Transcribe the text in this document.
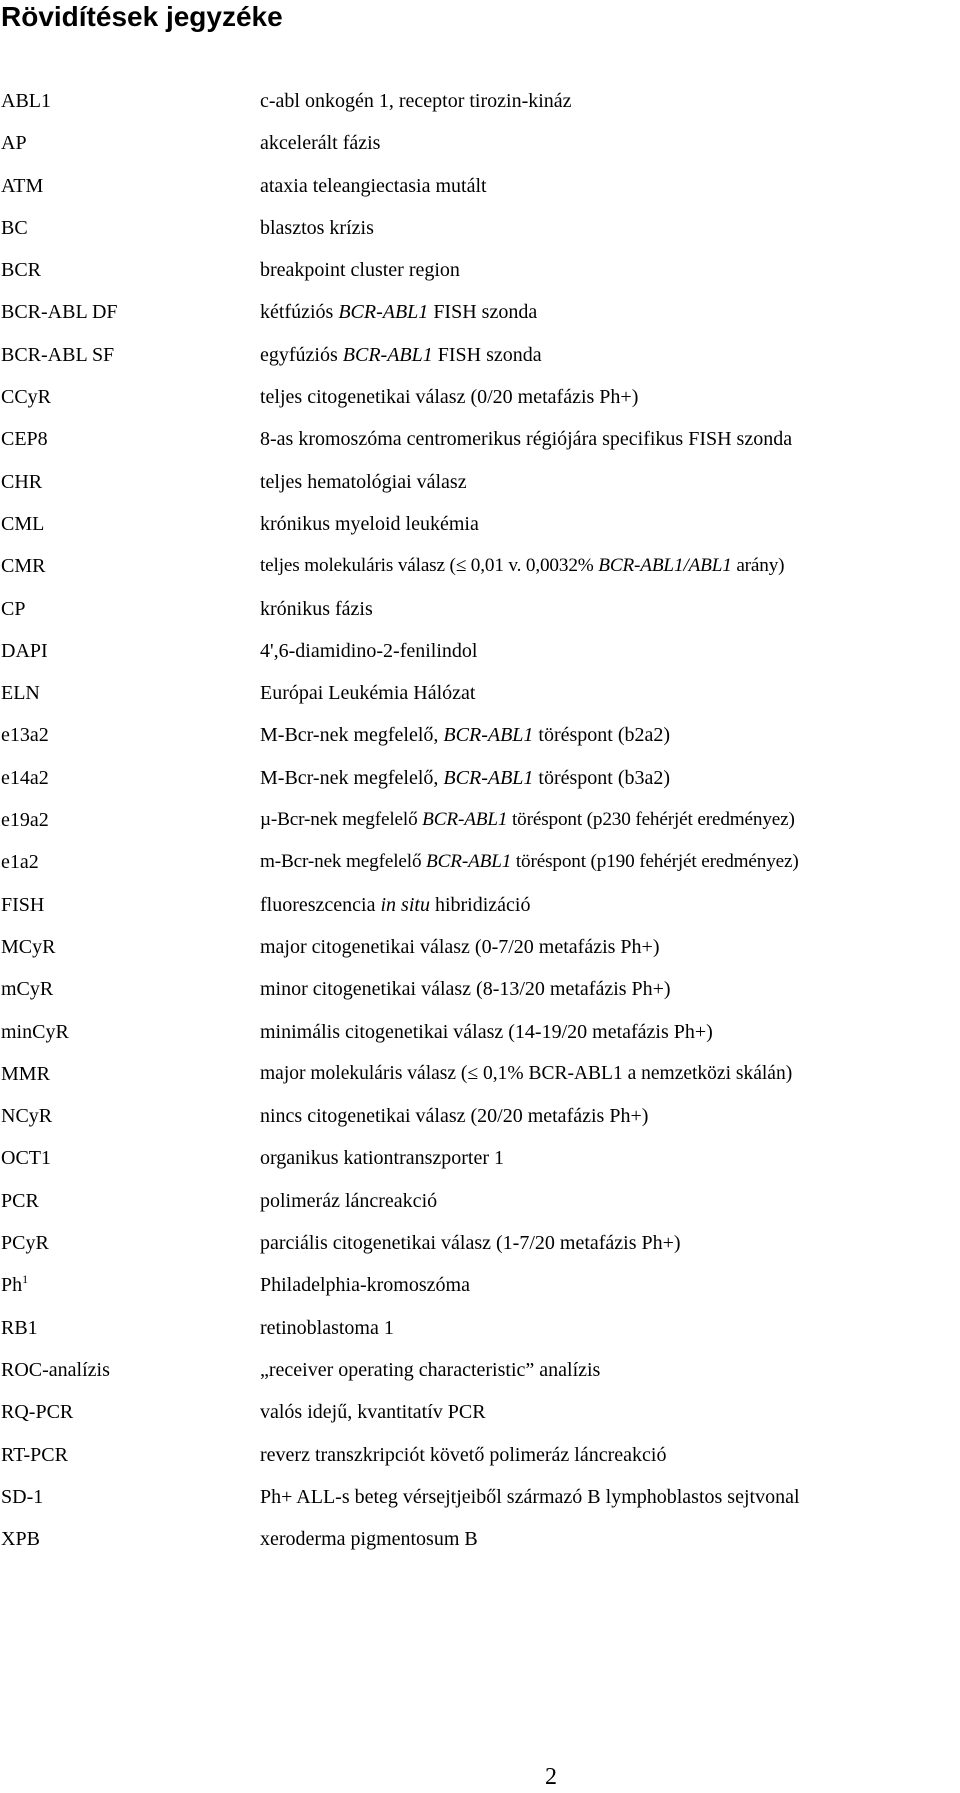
Rövidítések jegyzéke
ABL1	c-abl onkogén 1, receptor tirozin-kináz
AP	akcelerált fázis
ATM	ataxia teleangiectasia mutált
BC	blasztos krízis
BCR	breakpoint cluster region
BCR-ABL DF	kétfúziós BCR-ABL1 FISH szonda
BCR-ABL SF	egyfúziós BCR-ABL1 FISH szonda
CCyR	teljes citogenetikai válasz (0/20 metafázis Ph+)
CEP8	8-as kromoszóma centromerikus régiójára specifikus FISH szonda
CHR	teljes hematológiai válasz
CML	krónikus myeloid leukémia
CMR	teljes molekuláris válasz (≤ 0,01 v. 0,0032% BCR-ABL1/ABL1 arány)
CP	krónikus fázis
DAPI	4',6-diamidino-2-fenilindol
ELN	Európai Leukémia Hálózat
e13a2	M-Bcr-nek megfelelő, BCR-ABL1 töréspont (b2a2)
e14a2	M-Bcr-nek megfelelő, BCR-ABL1 töréspont (b3a2)
e19a2	µ-Bcr-nek megfelelő BCR-ABL1 töréspont (p230 fehérjét eredményez)
e1a2	m-Bcr-nek megfelelő BCR-ABL1 töréspont (p190 fehérjét eredményez)
FISH	fluoreszcencia in situ hibridizáció
MCyR	major citogenetikai válasz (0-7/20 metafázis Ph+)
mCyR	minor citogenetikai válasz (8-13/20 metafázis Ph+)
minCyR	minimális citogenetikai válasz (14-19/20 metafázis Ph+)
MMR	major molekuláris válasz (≤ 0,1% BCR-ABL1 a nemzetközi skálán)
NCyR	nincs citogenetikai válasz (20/20 metafázis Ph+)
OCT1	organikus kationtranszporter 1
PCR	polimeráz láncreakció
PCyR	parciális citogenetikai válasz (1-7/20 metafázis Ph+)
Ph$^1$	Philadelphia-kromoszóma
RB1	retinoblastoma 1
ROC-analízis	„receiver operating characteristic” analízis
RQ-PCR	valós idejű, kvantitatív PCR
RT-PCR	reverz transzkripciót követő polimeráz láncreakció
SD-1	Ph+ ALL-s beteg vérsejtjeiből származó B lymphoblastos sejtvonal
XPB	xeroderma pigmentosum B
2
